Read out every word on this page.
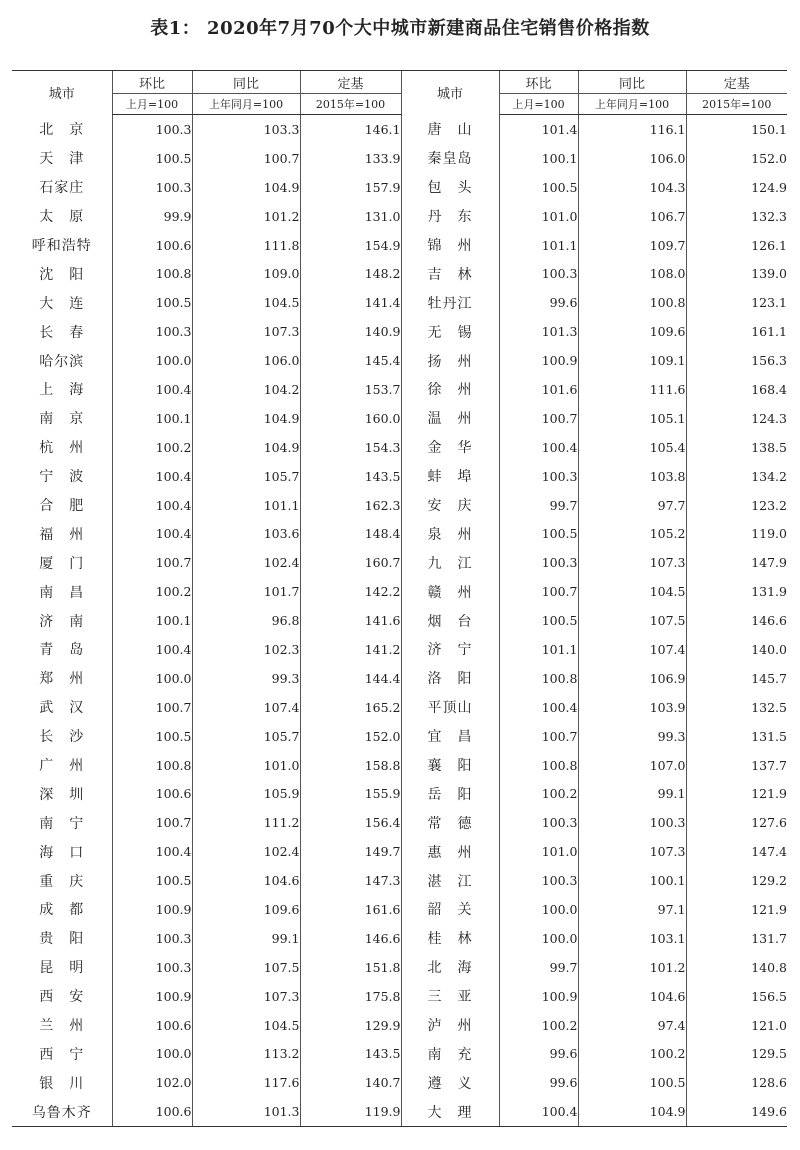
表1： 2020年7月70个大中城市新建商品住宅销售价格指数
城市	环比	同比	定基	城市	环比	同比	定基
	上月=100	上年同月=100	2015年=100		上月=100	上年同月=100	2015年=100
北　京	100.3	103.3	146.1	唐　山	101.4	116.1	150.1
天　津	100.5	100.7	133.9	秦皇岛	100.1	106.0	152.0
石家庄	100.3	104.9	157.9	包　头	100.5	104.3	124.9
太　原	99.9	101.2	131.0	丹　东	101.0	106.7	132.3
呼和浩特	100.6	111.8	154.9	锦　州	101.1	109.7	126.1
沈　阳	100.8	109.0	148.2	吉　林	100.3	108.0	139.0
大　连	100.5	104.5	141.4	牡丹江	99.6	100.8	123.1
长　春	100.3	107.3	140.9	无　锡	101.3	109.6	161.1
哈尔滨	100.0	106.0	145.4	扬　州	100.9	109.1	156.3
上　海	100.4	104.2	153.7	徐　州	101.6	111.6	168.4
南　京	100.1	104.9	160.0	温　州	100.7	105.1	124.3
杭　州	100.2	104.9	154.3	金　华	100.4	105.4	138.5
宁　波	100.4	105.7	143.5	蚌　埠	100.3	103.8	134.2
合　肥	100.4	101.1	162.3	安　庆	99.7	97.7	123.2
福　州	100.4	103.6	148.4	泉　州	100.5	105.2	119.0
厦　门	100.7	102.4	160.7	九　江	100.3	107.3	147.9
南　昌	100.2	101.7	142.2	赣　州	100.7	104.5	131.9
济　南	100.1	96.8	141.6	烟　台	100.5	107.5	146.6
青　岛	100.4	102.3	141.2	济　宁	101.1	107.4	140.0
郑　州	100.0	99.3	144.4	洛　阳	100.8	106.9	145.7
武　汉	100.7	107.4	165.2	平顶山	100.4	103.9	132.5
长　沙	100.5	105.7	152.0	宜　昌	100.7	99.3	131.5
广　州	100.8	101.0	158.8	襄　阳	100.8	107.0	137.7
深　圳	100.6	105.9	155.9	岳　阳	100.2	99.1	121.9
南　宁	100.7	111.2	156.4	常　德	100.3	100.3	127.6
海　口	100.4	102.4	149.7	惠　州	101.0	107.3	147.4
重　庆	100.5	104.6	147.3	湛　江	100.3	100.1	129.2
成　都	100.9	109.6	161.6	韶　关	100.0	97.1	121.9
贵　阳	100.3	99.1	146.6	桂　林	100.0	103.1	131.7
昆　明	100.3	107.5	151.8	北　海	99.7	101.2	140.8
西　安	100.9	107.3	175.8	三　亚	100.9	104.6	156.5
兰　州	100.6	104.5	129.9	泸　州	100.2	97.4	121.0
西　宁	100.0	113.2	143.5	南　充	99.6	100.2	129.5
银　川	102.0	117.6	140.7	遵　义	99.6	100.5	128.6
乌鲁木齐	100.6	101.3	119.9	大　理	100.4	104.9	149.6
